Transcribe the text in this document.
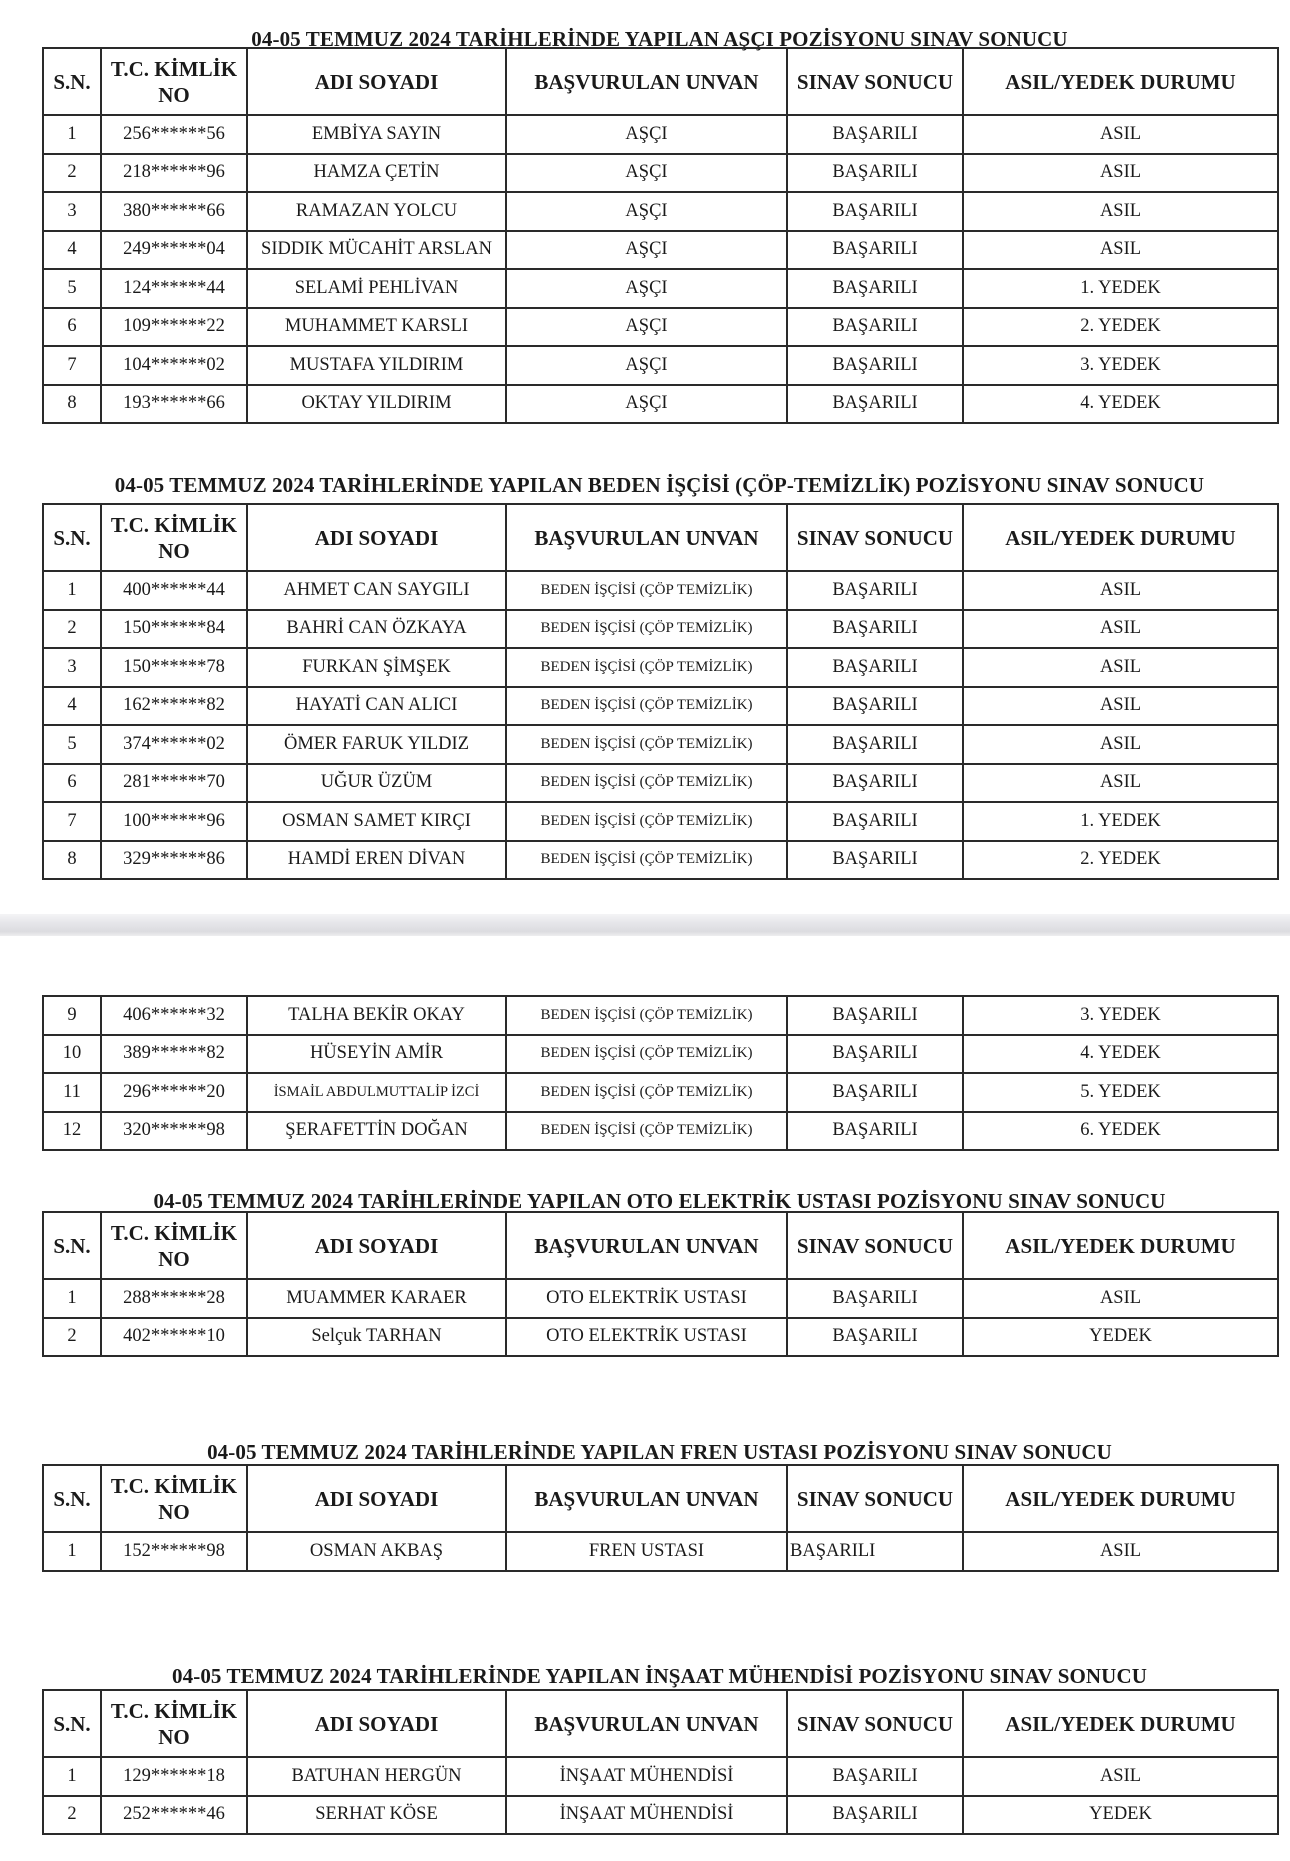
04-05 TEMMUZ 2024 TARİHLERİNDE YAPILAN AŞÇI POZİSYONU SINAV SONUCU
S.N.	T.C. KİMLİK
NO	ADI SOYADI	BAŞVURULAN UNVAN	SINAV SONUCU	ASIL/YEDEK DURUMU
1	256******56	EMBİYA SAYIN	AŞÇI	BAŞARILI	ASIL
2	218******96	HAMZA ÇETİN	AŞÇI	BAŞARILI	ASIL
3	380******66	RAMAZAN YOLCU	AŞÇI	BAŞARILI	ASIL
4	249******04	SIDDIK MÜCAHİT ARSLAN	AŞÇI	BAŞARILI	ASIL
5	124******44	SELAMİ PEHLİVAN	AŞÇI	BAŞARILI	1. YEDEK
6	109******22	MUHAMMET KARSLI	AŞÇI	BAŞARILI	2. YEDEK
7	104******02	MUSTAFA YILDIRIM	AŞÇI	BAŞARILI	3. YEDEK
8	193******66	OKTAY YILDIRIM	AŞÇI	BAŞARILI	4. YEDEK
04-05 TEMMUZ 2024 TARİHLERİNDE YAPILAN BEDEN İŞÇİSİ (ÇÖP-TEMİZLİK) POZİSYONU SINAV SONUCU
S.N.	T.C. KİMLİK
NO	ADI SOYADI	BAŞVURULAN UNVAN	SINAV SONUCU	ASIL/YEDEK DURUMU
1	400******44	AHMET CAN SAYGILI	BEDEN İŞÇİSİ (ÇÖP TEMİZLİK)	BAŞARILI	ASIL
2	150******84	BAHRİ CAN ÖZKAYA	BEDEN İŞÇİSİ (ÇÖP TEMİZLİK)	BAŞARILI	ASIL
3	150******78	FURKAN ŞİMŞEK	BEDEN İŞÇİSİ (ÇÖP TEMİZLİK)	BAŞARILI	ASIL
4	162******82	HAYATİ CAN ALICI	BEDEN İŞÇİSİ (ÇÖP TEMİZLİK)	BAŞARILI	ASIL
5	374******02	ÖMER FARUK YILDIZ	BEDEN İŞÇİSİ (ÇÖP TEMİZLİK)	BAŞARILI	ASIL
6	281******70	UĞUR ÜZÜM	BEDEN İŞÇİSİ (ÇÖP TEMİZLİK)	BAŞARILI	ASIL
7	100******96	OSMAN SAMET KIRÇI	BEDEN İŞÇİSİ (ÇÖP TEMİZLİK)	BAŞARILI	1. YEDEK
8	329******86	HAMDİ EREN DİVAN	BEDEN İŞÇİSİ (ÇÖP TEMİZLİK)	BAŞARILI	2. YEDEK
9	406******32	TALHA BEKİR OKAY	BEDEN İŞÇİSİ (ÇÖP TEMİZLİK)	BAŞARILI	3. YEDEK
10	389******82	HÜSEYİN AMİR	BEDEN İŞÇİSİ (ÇÖP TEMİZLİK)	BAŞARILI	4. YEDEK
11	296******20	İSMAİL ABDULMUTTALİP İZCİ	BEDEN İŞÇİSİ (ÇÖP TEMİZLİK)	BAŞARILI	5. YEDEK
12	320******98	ŞERAFETTİN DOĞAN	BEDEN İŞÇİSİ (ÇÖP TEMİZLİK)	BAŞARILI	6. YEDEK
04-05 TEMMUZ 2024 TARİHLERİNDE YAPILAN OTO ELEKTRİK USTASI POZİSYONU SINAV SONUCU
S.N.	T.C. KİMLİK
NO	ADI SOYADI	BAŞVURULAN UNVAN	SINAV SONUCU	ASIL/YEDEK DURUMU
1	288******28	MUAMMER KARAER	OTO ELEKTRİK USTASI	BAŞARILI	ASIL
2	402******10	Selçuk TARHAN	OTO ELEKTRİK USTASI	BAŞARILI	YEDEK
04-05 TEMMUZ 2024 TARİHLERİNDE YAPILAN FREN USTASI POZİSYONU SINAV SONUCU
S.N.	T.C. KİMLİK
NO	ADI SOYADI	BAŞVURULAN UNVAN	SINAV SONUCU	ASIL/YEDEK DURUMU
1	152******98	OSMAN AKBAŞ	FREN USTASI	BAŞARILI	ASIL
04-05 TEMMUZ 2024 TARİHLERİNDE YAPILAN İNŞAAT MÜHENDİSİ POZİSYONU SINAV SONUCU
S.N.	T.C. KİMLİK
NO	ADI SOYADI	BAŞVURULAN UNVAN	SINAV SONUCU	ASIL/YEDEK DURUMU
1	129******18	BATUHAN HERGÜN	İNŞAAT MÜHENDİSİ	BAŞARILI	ASIL
2	252******46	SERHAT KÖSE	İNŞAAT MÜHENDİSİ	BAŞARILI	YEDEK
